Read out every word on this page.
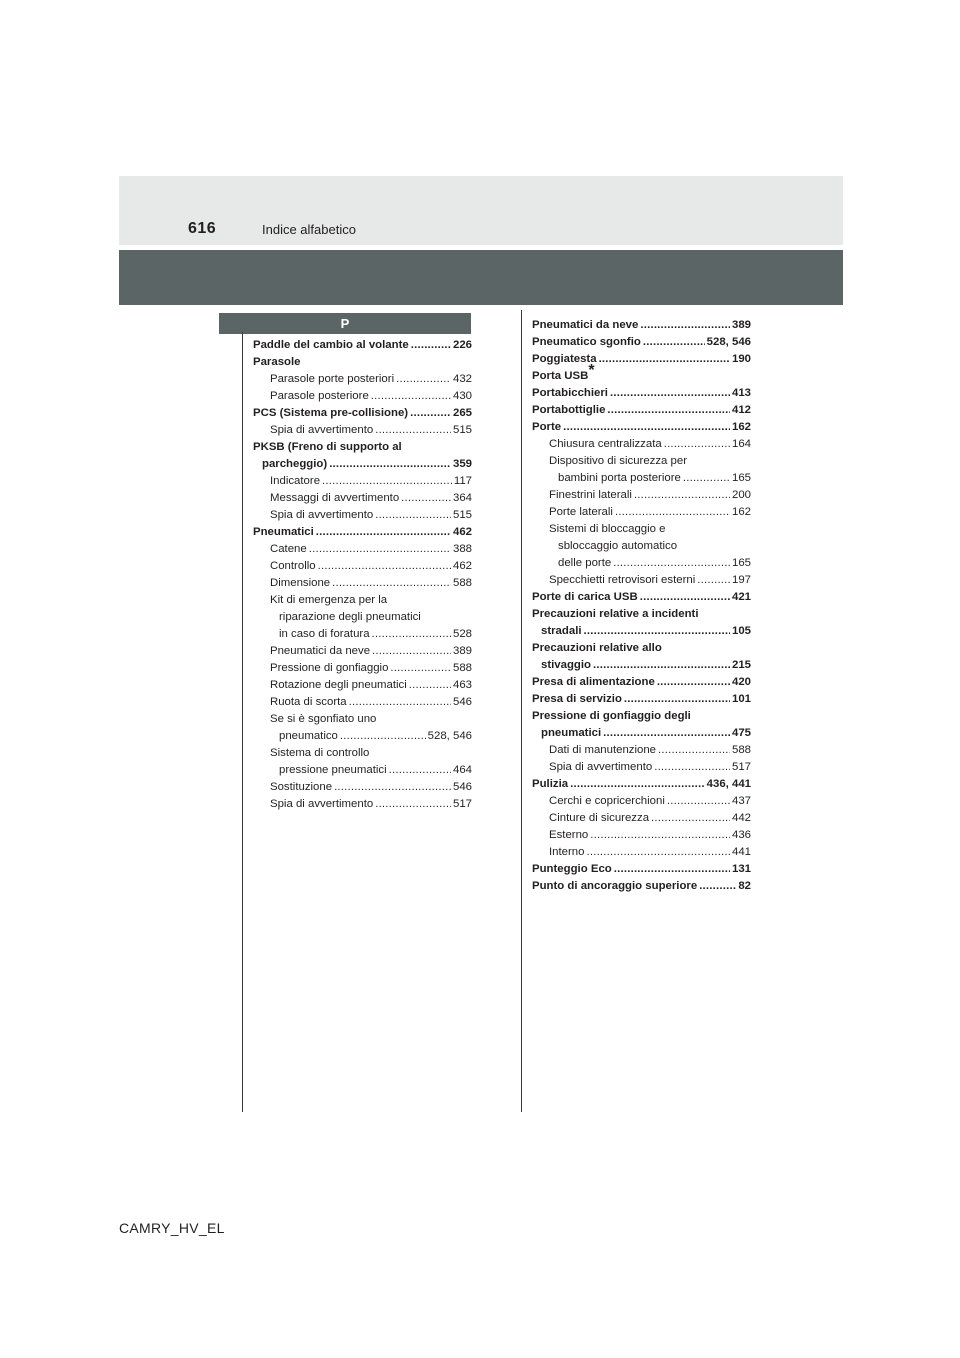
616	Indice alfabetico
P
Paddle del cambio al volante .....	226
Parasole
Parasole porte posteriori .....	432
Parasole posteriore .....	430
PCS (Sistema pre-collisione) .....	265
Spia di avvertimento .....	515
PKSB (Freno di supporto al
parcheggio) .....	359
Indicatore .....	117
Messaggi di avvertimento .....	364
Spia di avvertimento .....	515
Pneumatici .....	462
Catene .....	388
Controllo .....	462
Dimensione .....	588
Kit di emergenza per la
riparazione degli pneumatici
in caso di foratura .....	528
Pneumatici da neve .....	389
Pressione di gonfiaggio .....	588
Rotazione degli pneumatici .....	463
Ruota di scorta .....	546
Se si è sgonfiato uno
pneumatico .....	528, 546
Sistema di controllo
pressione pneumatici .....	464
Sostituzione .....	546
Spia di avvertimento .....	517
Pneumatici da neve .....	389
Pneumatico sgonfio .....	528, 546
Poggiatesta .....	190
Porta USB*
Portabicchieri .....	413
Portabottiglie .....	412
Porte .....	162
Chiusura centralizzata .....	164
Dispositivo di sicurezza per
bambini porta posteriore .....	165
Finestrini laterali .....	200
Porte laterali .....	162
Sistemi di bloccaggio e
sbloccaggio automatico
delle porte .....	165
Specchietti retrovisori esterni .....	197
Porte di carica USB .....	421
Precauzioni relative a incidenti
stradali .....	105
Precauzioni relative allo
stivaggio .....	215
Presa di alimentazione .....	420
Presa di servizio .....	101
Pressione di gonfiaggio degli
pneumatici .....	475
Dati di manutenzione .....	588
Spia di avvertimento .....	517
Pulizia .....	436, 441
Cerchi e copricerchioni .....	437
Cinture di sicurezza .....	442
Esterno .....	436
Interno .....	441
Punteggio Eco .....	131
Punto di ancoraggio superiore .....	82
CAMRY_HV_EL
